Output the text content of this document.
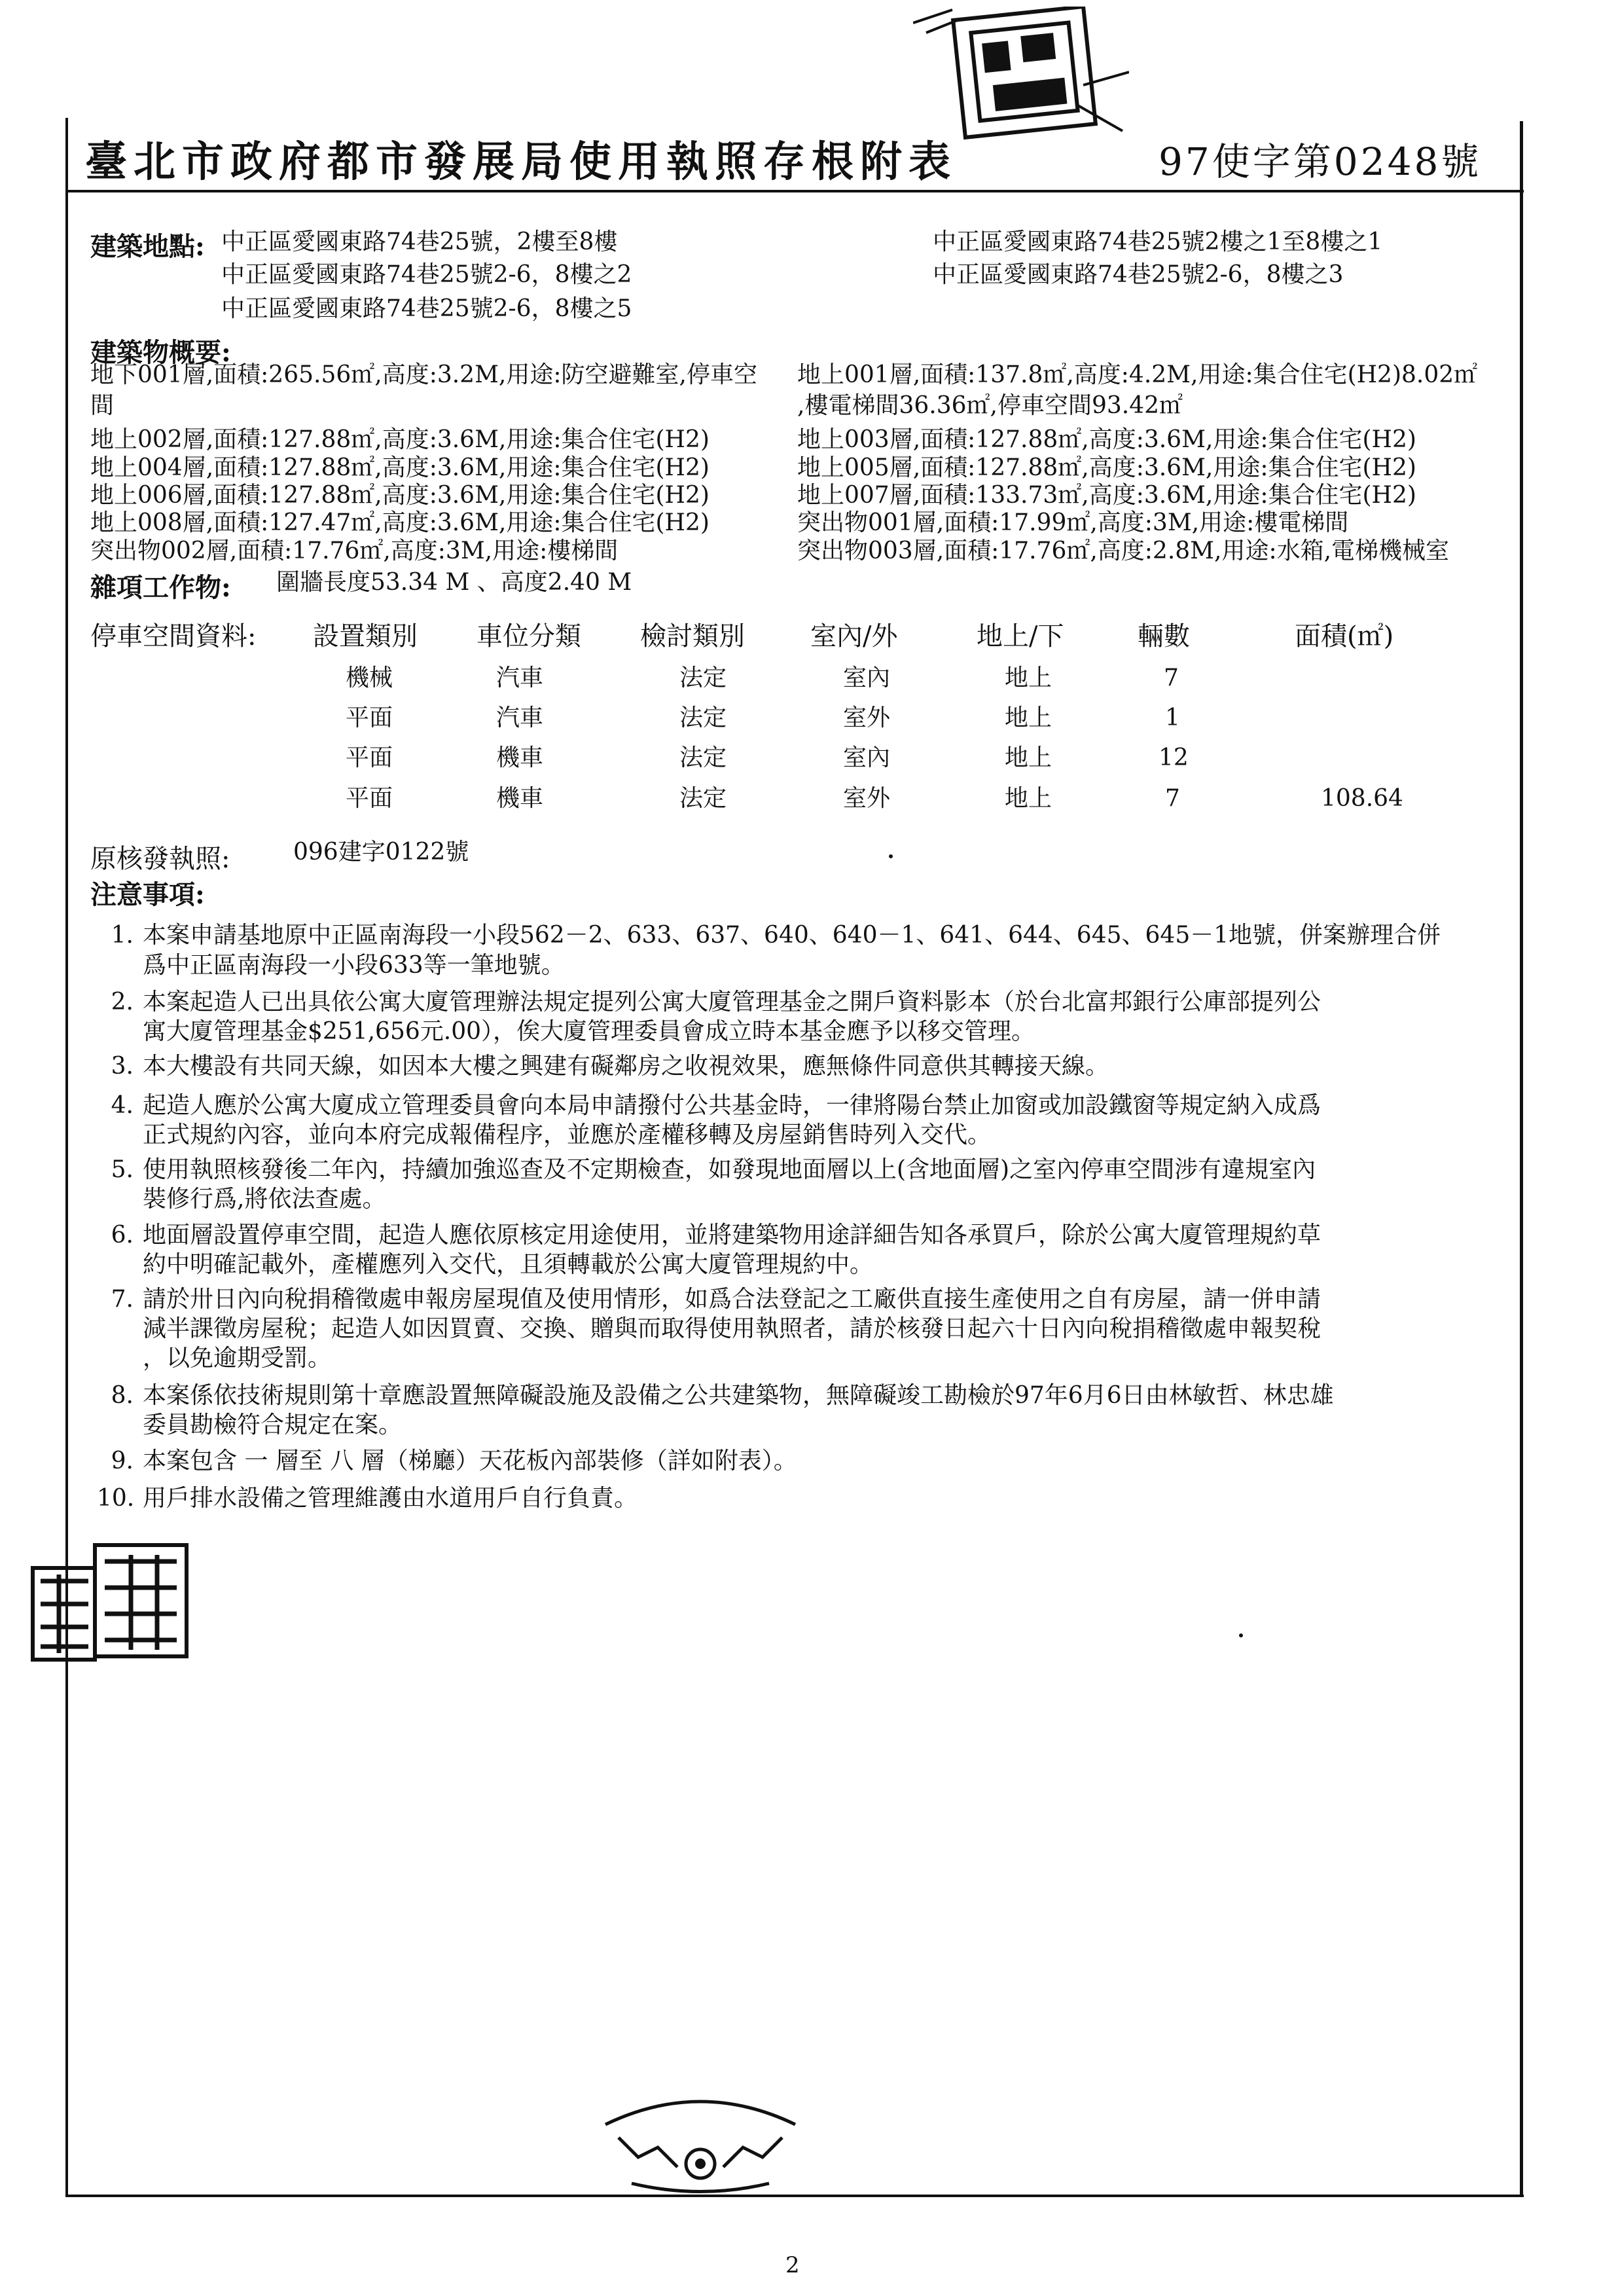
臺北市政府都市發展局使用執照存根附表	97使字第0248號
建築地點: 中正區愛國東路74巷25號，2樓至8樓
中正區愛國東路74巷25號2-6，8樓之2
中正區愛國東路74巷25號2-6，8樓之5
中正區愛國東路74巷25號2樓之1至8樓之1
中正區愛國東路74巷25號2-6，8樓之3
建築物概要:
地下001層,面積:265.56㎡,高度:3.2M,用途:防空避難室,停車空
間
地上002層,面積:127.88㎡,高度:3.6M,用途:集合住宅(H2)
地上004層,面積:127.88㎡,高度:3.6M,用途:集合住宅(H2)
地上006層,面積:127.88㎡,高度:3.6M,用途:集合住宅(H2)
地上008層,面積:127.47㎡,高度:3.6M,用途:集合住宅(H2)
突出物002層,面積:17.76㎡,高度:3M,用途:樓梯間
地上001層,面積:137.8㎡,高度:4.2M,用途:集合住宅(H2)8.02㎡
,樓電梯間36.36㎡,停車空間93.42㎡
地上003層,面積:127.88㎡,高度:3.6M,用途:集合住宅(H2)
地上005層,面積:127.88㎡,高度:3.6M,用途:集合住宅(H2)
地上007層,面積:133.73㎡,高度:3.6M,用途:集合住宅(H2)
突出物001層,面積:17.99㎡,高度:3M,用途:樓電梯間
突出物003層,面積:17.76㎡,高度:2.8M,用途:水箱,電梯機械室
雜項工作物: 圍牆長度53.34 M 、高度2.40 M
停車空間資料: 設置類別 車位分類 檢討類別	室內/外	地上/下	輛數	面積(㎡)
機械	汽車	法定	室內	地上	7
平面	汽車	法定	室外	地上	1
平面	機車	法定	室內	地上	12
平面	機車	法定	室外	地上	7	108.64
原核發執照:	096建字0122號
注意事項:
1. 本案申請基地原中正區南海段一小段562－2、633、637、640、640－1、641、644、645、645－1地號，併案辦理合併
爲中正區南海段一小段633等一筆地號。
2. 本案起造人已出具依公寓大廈管理辦法規定提列公寓大廈管理基金之開戶資料影本（於台北富邦銀行公庫部提列公
寓大廈管理基金$251,656元.00），俟大廈管理委員會成立時本基金應予以移交管理。
3. 本大樓設有共同天線，如因本大樓之興建有礙鄰房之收視效果，應無條件同意供其轉接天線。
4. 起造人應於公寓大廈成立管理委員會向本局申請撥付公共基金時，一律將陽台禁止加窗或加設鐵窗等規定納入成爲
正式規約內容，並向本府完成報備程序，並應於產權移轉及房屋銷售時列入交代。
5. 使用執照核發後二年內，持續加強巡查及不定期檢查，如發現地面層以上(含地面層)之室內停車空間涉有違規室內
裝修行爲,將依法查處。
6. 地面層設置停車空間，起造人應依原核定用途使用，並將建築物用途詳細告知各承買戶，除於公寓大廈管理規約草
約中明確記載外，產權應列入交代，且須轉載於公寓大廈管理規約中。
7. 請於卅日內向稅捐稽徵處申報房屋現值及使用情形，如爲合法登記之工廠供直接生產使用之自有房屋，請一併申請
減半課徵房屋稅；起造人如因買賣、交換、贈與而取得使用執照者，請於核發日起六十日內向稅捐稽徵處申報契稅
，以免逾期受罰。
8. 本案係依技術規則第十章應設置無障礙設施及設備之公共建築物，無障礙竣工勘檢於97年6月6日由林敏哲、林忠雄
委員勘檢符合規定在案。
9. 本案包含 一 層至 八 層（梯廳）天花板內部裝修（詳如附表）。
10. 用戶排水設備之管理維護由水道用戶自行負責。
2
